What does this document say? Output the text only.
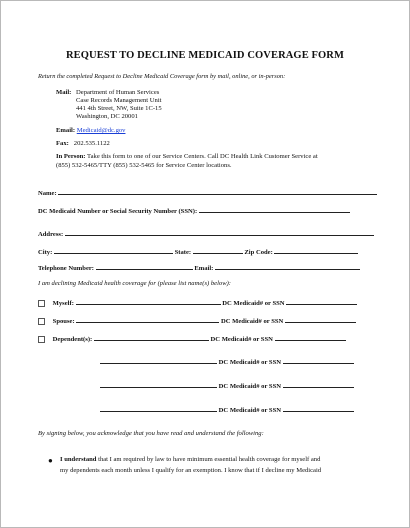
REQUEST TO DECLINE MEDICAID COVERAGE FORM
Return the completed Request to Decline Medicaid Coverage form by mail, online, or in-person:
Mail: Department of Human Services
Case Records Management Unit
441 4th Street, NW, Suite 1C-15
Washington, DC 20001
Email: Medicaid@dc.gov
Fax: 202.535.1122
In Person: Take this form to one of our Service Centers. Call DC Health Link Customer Service at
(855) 532-5465/TTY (855) 532-5465 for Service Center locations.
Name:
DC Medicaid Number or Social Security Number (SSN):
Address:
City:	State:	Zip Code:
Telephone Number:	Email:
I am declining Medicaid health coverage for (please list name(s) below):
Myself:	DC Medicaid# or SSN
Spouse:	DC Medicaid# or SSN
Dependent(s):	DC Medicaid# or SSN
DC Medicaid# or SSN
DC Medicaid# or SSN
DC Medicaid# or SSN
By signing below, you acknowledge that you have read and understand the following:
● I understand that I am required by law to have minimum essential health coverage for myself and
my dependents each month unless I qualify for an exemption. I know that if I decline my Medicaid
